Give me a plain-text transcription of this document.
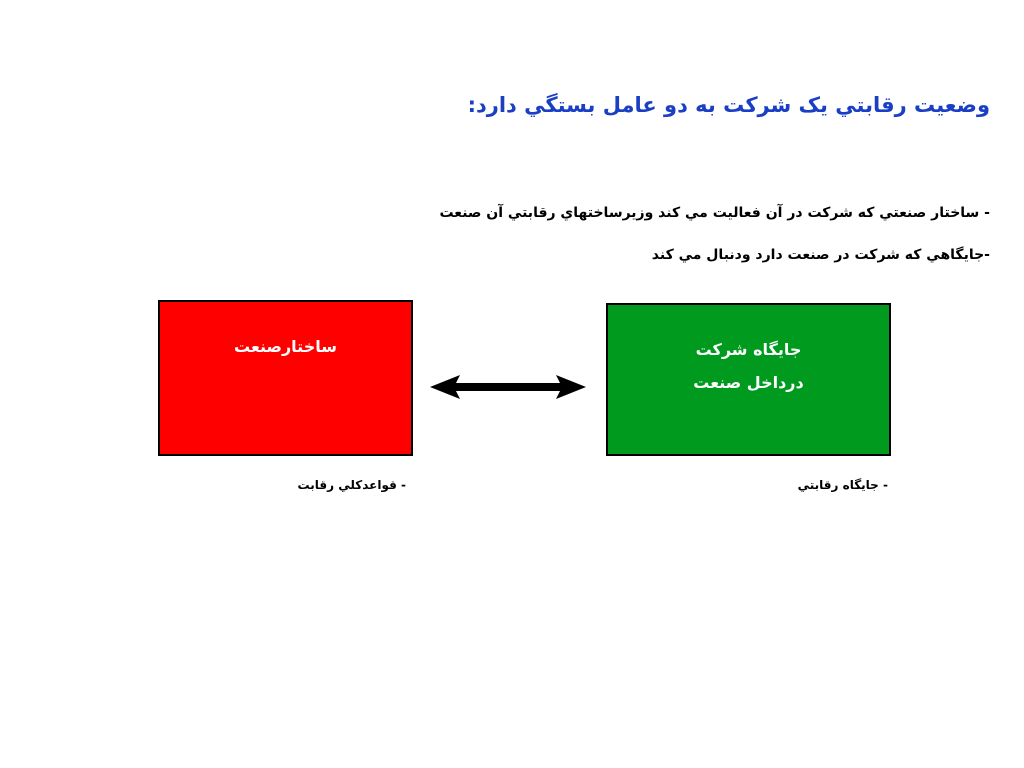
وضعيت رقابتي يک شرکت به دو عامل بستگي دارد:
- ساختار صنعتي که شرکت در آن فعاليت مي کند وزيرساختهاي رقابتي آن صنعت
-جايگاهي که شرکت در صنعت دارد ودنبال مي کند
ساختارصنعت	جايگاه شرکت
درداخل صنعت
- قواعدکلي رقابت	- جايگاه رقابتي
